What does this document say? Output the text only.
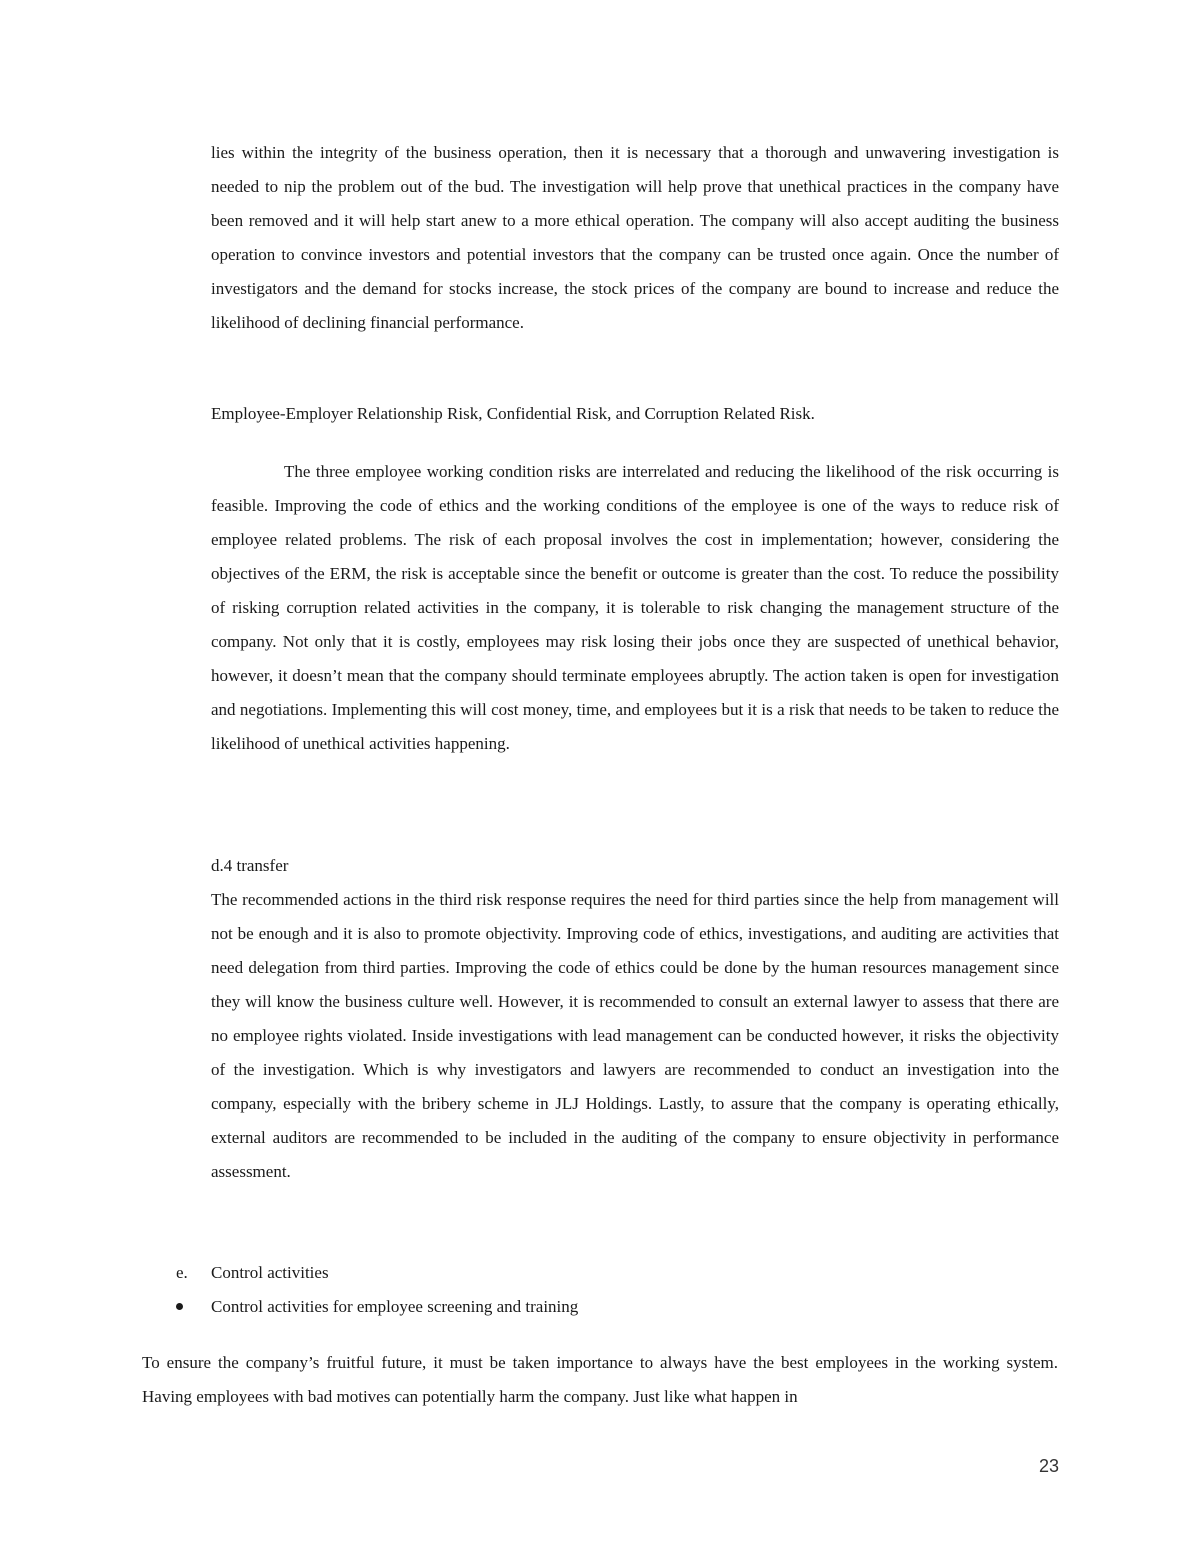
lies within the integrity of the business operation, then it is necessary that a thorough and unwavering investigation is needed to nip the problem out of the bud. The investigation will help prove that unethical practices in the company have been removed and it will help start anew to a more ethical operation. The company will also accept auditing the business operation to convince investors and potential investors that the company can be trusted once again. Once the number of investigators and the demand for stocks increase, the stock prices of the company are bound to increase and reduce the likelihood of declining financial performance.

Employee-Employer Relationship Risk, Confidential Risk, and Corruption Related Risk.

The three employee working condition risks are interrelated and reducing the likelihood of the risk occurring is feasible. Improving the code of ethics and the working conditions of the employee is one of the ways to reduce risk of employee related problems. The risk of each proposal involves the cost in implementation; however, considering the objectives of the ERM, the risk is acceptable since the benefit or outcome is greater than the cost. To reduce the possibility of risking corruption related activities in the company, it is tolerable to risk changing the management structure of the company. Not only that it is costly, employees may risk losing their jobs once they are suspected of unethical behavior, however, it doesn’t mean that the company should terminate employees abruptly. The action taken is open for investigation and negotiations. Implementing this will cost money, time, and employees but it is a risk that needs to be taken to reduce the likelihood of unethical activities happening.

d.4 transfer

The recommended actions in the third risk response requires the need for third parties since the help from management will not be enough and it is also to promote objectivity. Improving code of ethics, investigations, and auditing are activities that need delegation from third parties. Improving the code of ethics could be done by the human resources management since they will know the business culture well. However, it is recommended to consult an external lawyer to assess that there are no employee rights violated. Inside investigations with lead management can be conducted however, it risks the objectivity of the investigation. Which is why investigators and lawyers are recommended to conduct an investigation into the company, especially with the bribery scheme in JLJ Holdings. Lastly, to assure that the company is operating ethically, external auditors are recommended to be included in the auditing of the company to ensure objectivity in performance assessment.

e.	Control activities
Control activities for employee screening and training

To ensure the company’s fruitful future, it must be taken importance to always have the best employees in the working system. Having employees with bad motives can potentially harm the company. Just like what happen in

23
